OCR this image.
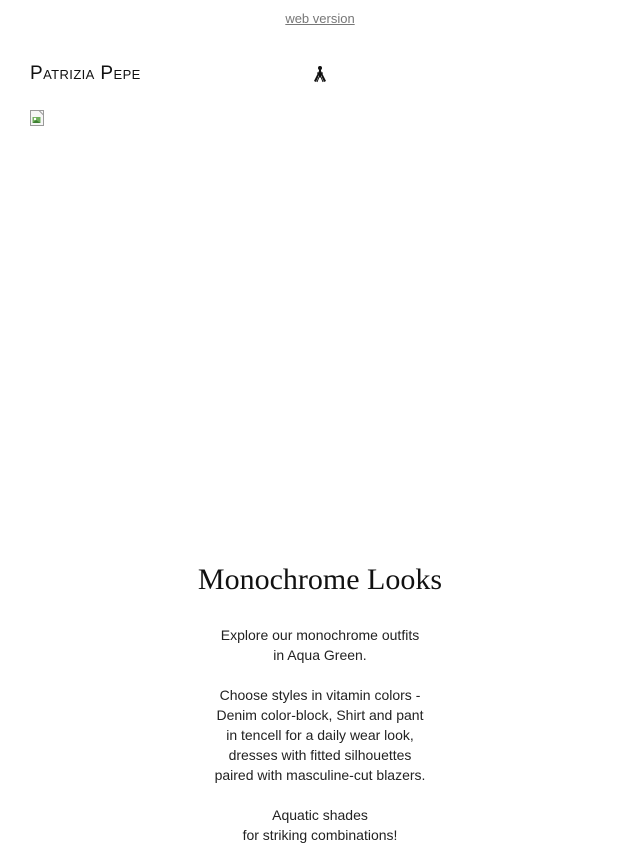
web version
Patrizia Pepe
Monochrome Looks
Explore our monochrome outfits
in Aqua Green.
Choose styles in vitamin colors -
Denim color-block, Shirt and pant
in tencell for a daily wear look,
dresses with fitted silhouettes
paired with masculine-cut blazers.
Aquatic shades
for striking combinations!
